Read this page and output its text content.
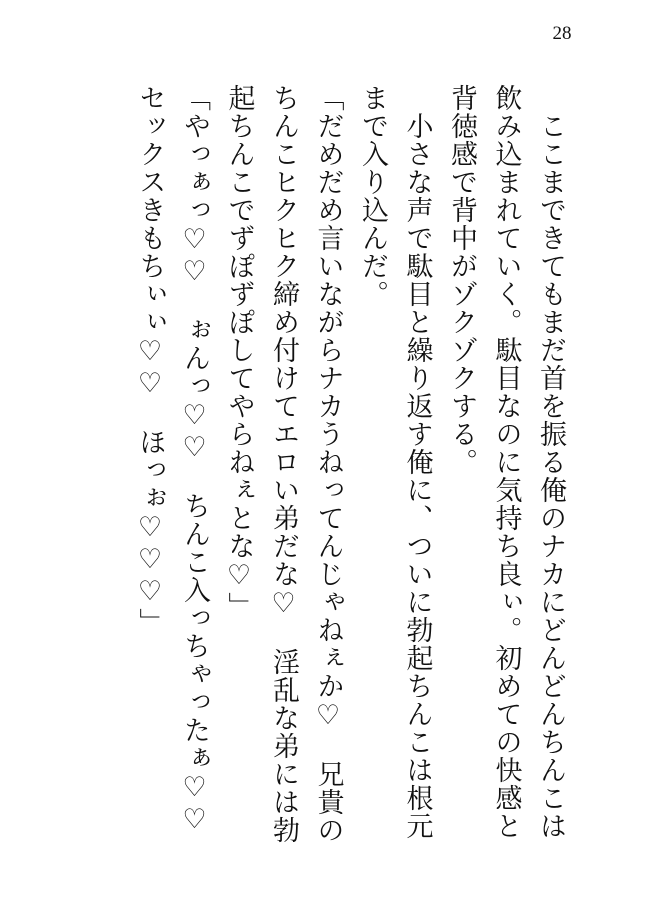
28

　ここまできてもまだ首を振る俺のナカにどんどんちんこは飲み込まれていく。駄目なのに気持ち良ぃ。初めての快感と背徳感で背中がゾクゾクする。

　小さな声で駄目と繰り返す俺に、ついに勃起ちんこは根元まで入り込んだ。

「だめだめ言いながらナカうねってんじゃねぇか♡　兄貴のちんこヒクヒク締め付けてエロい弟だな♡　淫乱な弟には勃起ちんこでずぽずぽしてやらねぇとな♡」

「やっぁっ♡♡　ぉんっ♡♡　ちんこ入っちゃったぁ♡♡　セックスきもちぃぃ♡♡　ほっぉ♡♡♡」
